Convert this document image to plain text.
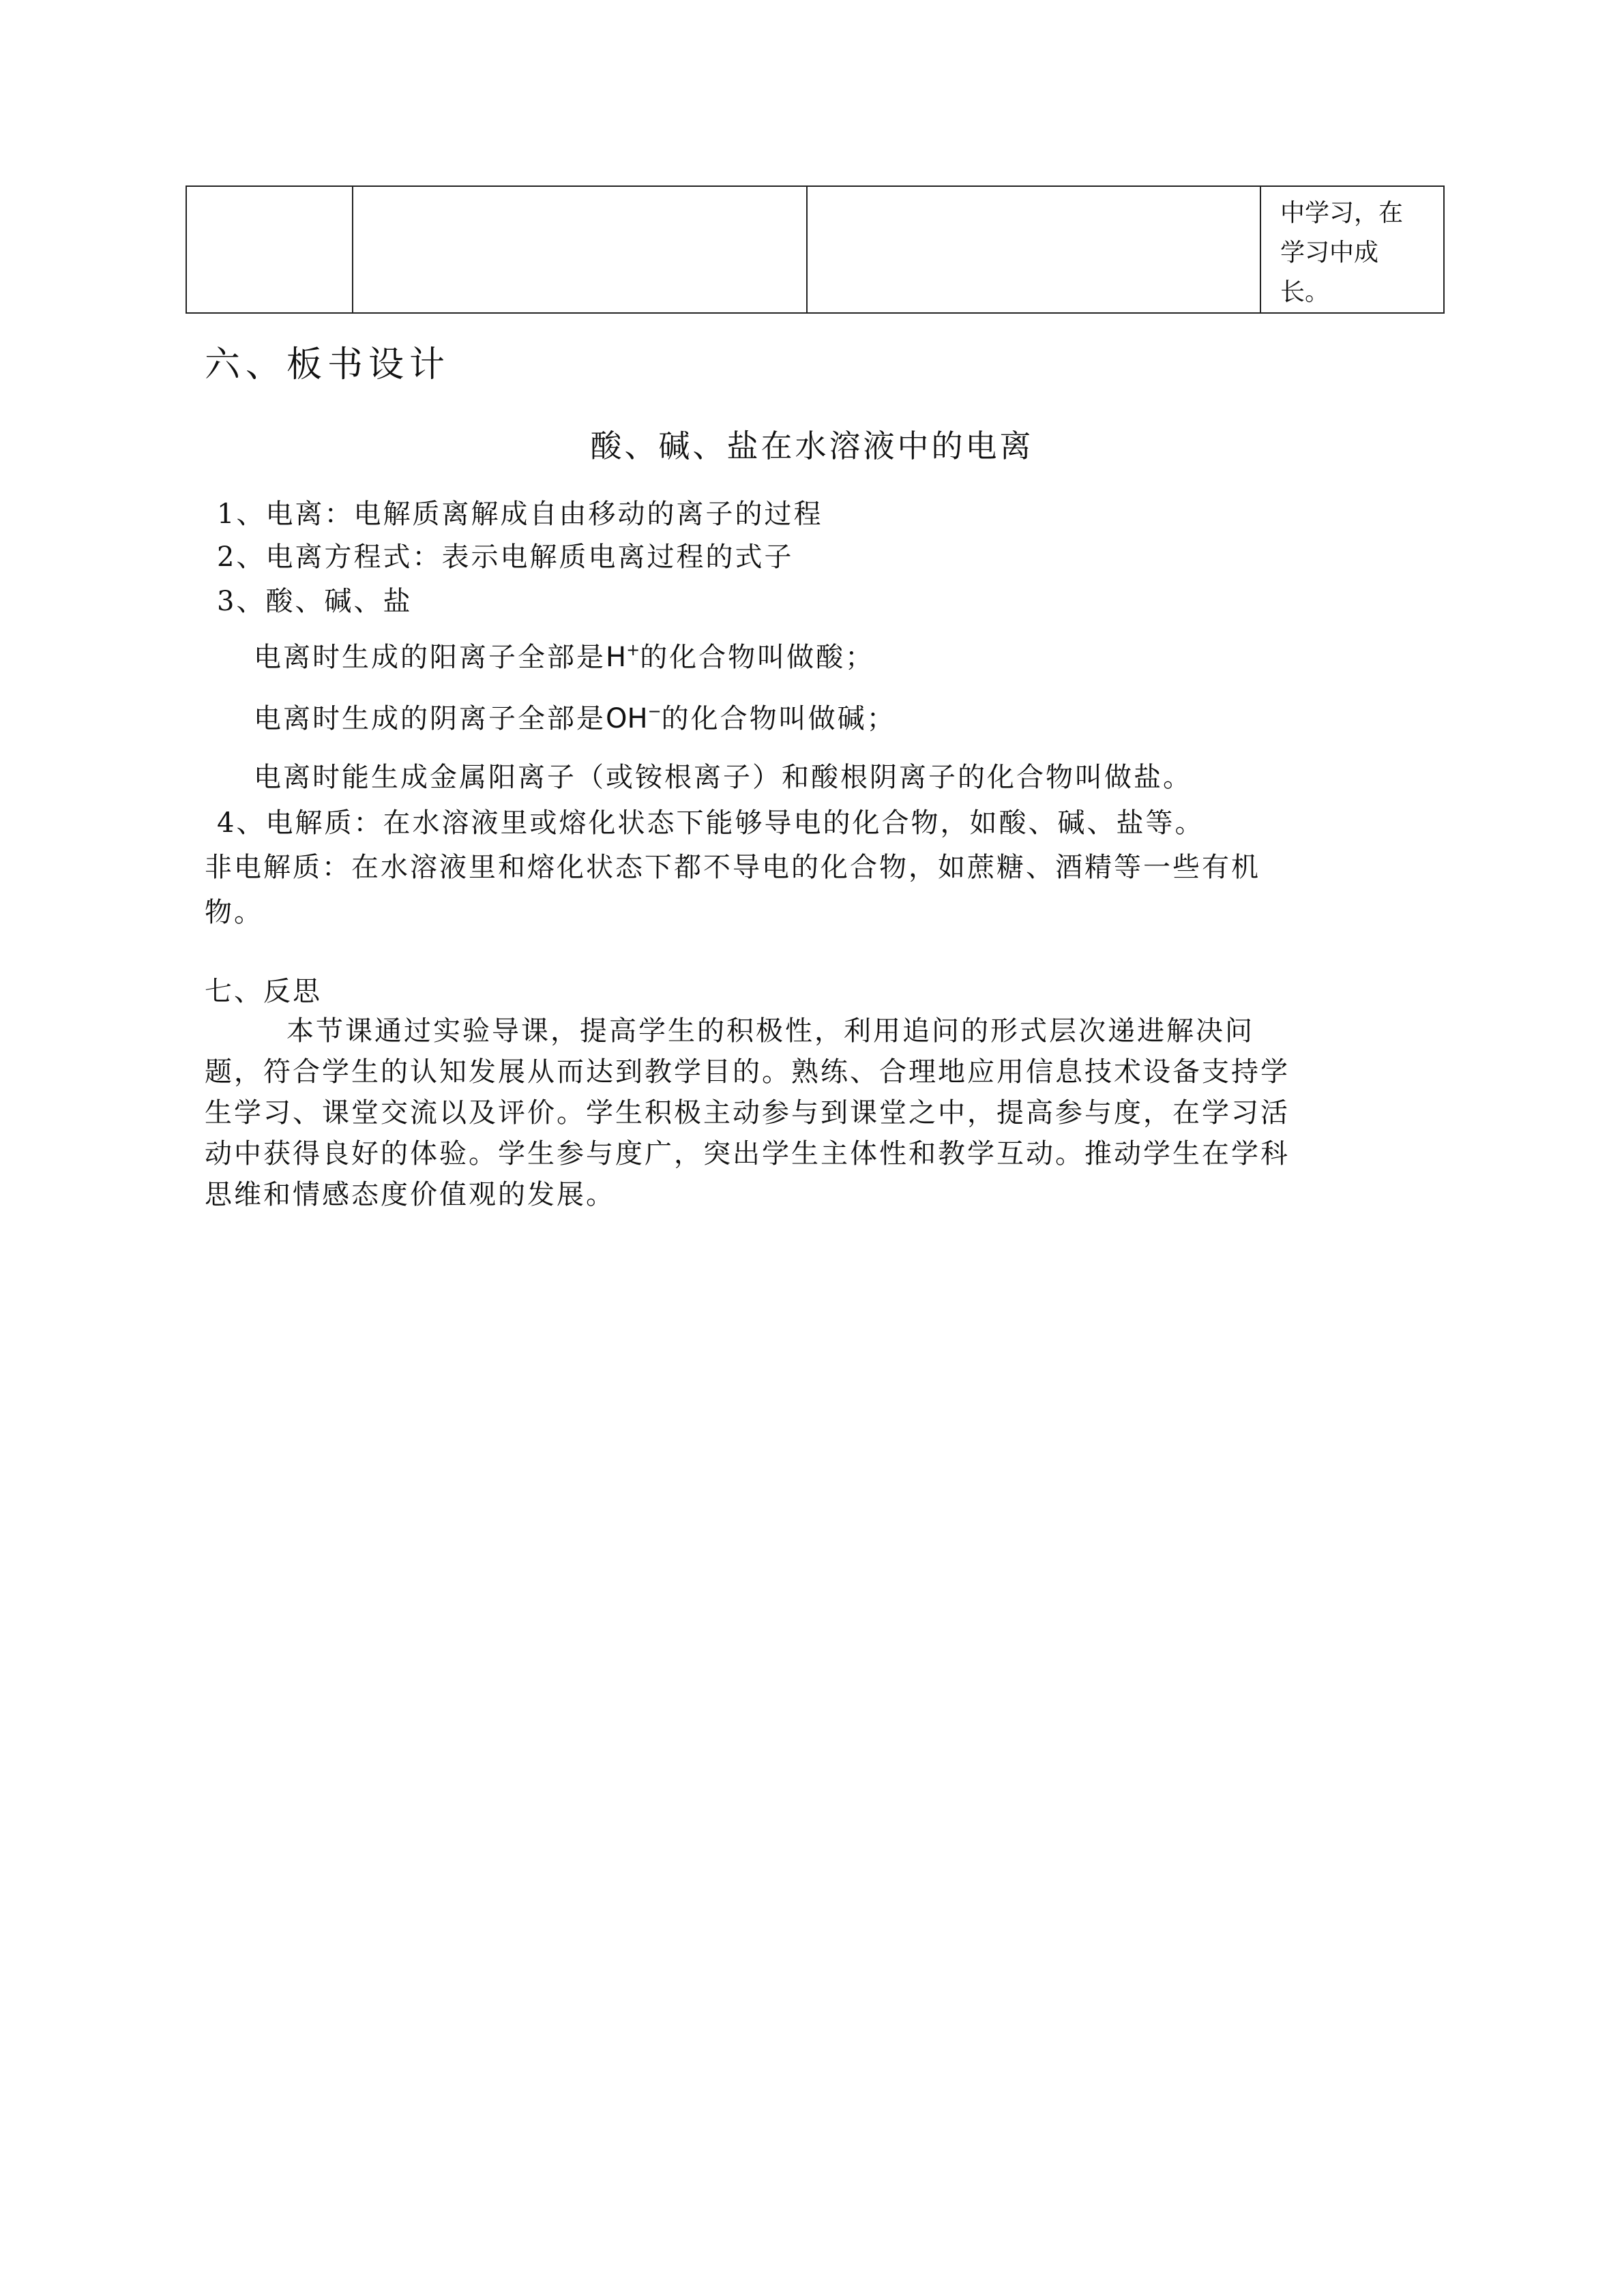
中学习，在
学习中成
长。
六、板书设计
酸、碱、盐在水溶液中的电离
1、电离：电解质离解成自由移动的离子的过程
2、电离方程式：表示电解质电离过程的式子
3、酸、碱、盐
电离时生成的阳离子全部是H+的化合物叫做酸；
电离时生成的阴离子全部是OH−的化合物叫做碱；
电离时能生成金属阳离子（或铵根离子）和酸根阴离子的化合物叫做盐。
4、电解质：在水溶液里或熔化状态下能够导电的化合物，如酸、碱、盐等。
非电解质：在水溶液里和熔化状态下都不导电的化合物，如蔗糖、酒精等一些有机
物。
七、反思
本节课通过实验导课，提高学生的积极性，利用追问的形式层次递进解决问
题，符合学生的认知发展从而达到教学目的。熟练、合理地应用信息技术设备支持学
生学习、课堂交流以及评价。学生积极主动参与到课堂之中，提高参与度，在学习活
动中获得良好的体验。学生参与度广，突出学生主体性和教学互动。推动学生在学科
思维和情感态度价值观的发展。
